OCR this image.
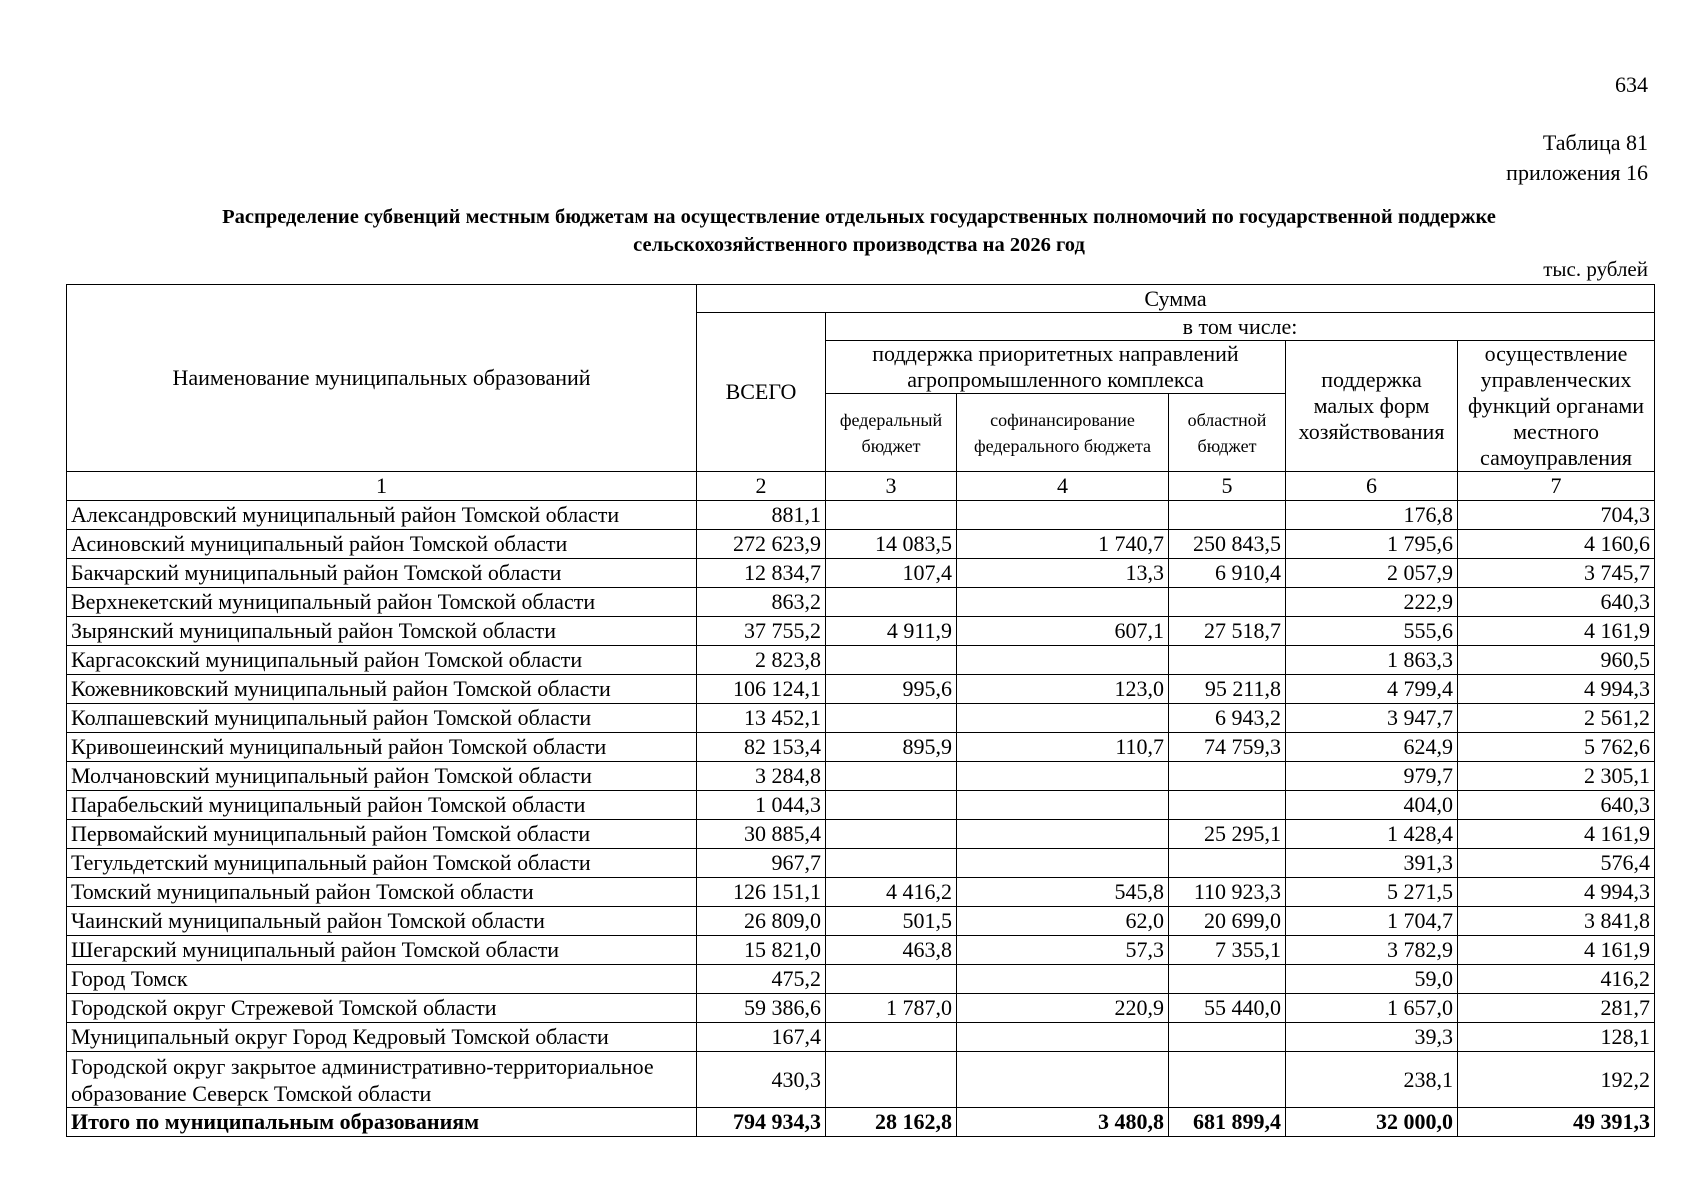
634
Таблица 81
приложения 16
Распределение субвенций местным бюджетам на осуществление отдельных государственных полномочий по государственной поддержке
сельскохозяйственного производства на 2026 год
тыс. рублей
Наименование муниципальных образований	Сумма					
	ВСЕГО	в том числе:				
		поддержка приоритетных направлений агропромышленного комплекса			поддержка малых форм хозяйствования	осуществление управленческих функций органами местного самоуправления
		федеральный бюджет	софинансирование федерального бюджета	областной бюджет		
1	2	3	4	5	6	7
Александровский муниципальный район Томской области	881,1				176,8	704,3
Асиновский муниципальный район Томской области	272 623,9	14 083,5	1 740,7	250 843,5	1 795,6	4 160,6
Бакчарский муниципальный район Томской области	12 834,7	107,4	13,3	6 910,4	2 057,9	3 745,7
Верхнекетский муниципальный район Томской области	863,2				222,9	640,3
Зырянский муниципальный район Томской области	37 755,2	4 911,9	607,1	27 518,7	555,6	4 161,9
Каргасокский муниципальный район Томской области	2 823,8				1 863,3	960,5
Кожевниковский муниципальный район Томской области	106 124,1	995,6	123,0	95 211,8	4 799,4	4 994,3
Колпашевский муниципальный район Томской области	13 452,1			6 943,2	3 947,7	2 561,2
Кривошеинский муниципальный район Томской области	82 153,4	895,9	110,7	74 759,3	624,9	5 762,6
Молчановский муниципальный район Томской области	3 284,8				979,7	2 305,1
Парабельский муниципальный район Томской области	1 044,3				404,0	640,3
Первомайский муниципальный район Томской области	30 885,4			25 295,1	1 428,4	4 161,9
Тегульдетский муниципальный район Томской области	967,7				391,3	576,4
Томский муниципальный район Томской области	126 151,1	4 416,2	545,8	110 923,3	5 271,5	4 994,3
Чаинский муниципальный район Томской области	26 809,0	501,5	62,0	20 699,0	1 704,7	3 841,8
Шегарский муниципальный район Томской области	15 821,0	463,8	57,3	7 355,1	3 782,9	4 161,9
Город Томск	475,2				59,0	416,2
Городской округ Стрежевой Томской области	59 386,6	1 787,0	220,9	55 440,0	1 657,0	281,7
Муниципальный округ Город Кедровый Томской области	167,4				39,3	128,1
Городской округ закрытое административно-территориальное образование Северск Томской области	430,3				238,1	192,2
Итого по муниципальным образованиям	794 934,3	28 162,8	3 480,8	681 899,4	32 000,0	49 391,3
